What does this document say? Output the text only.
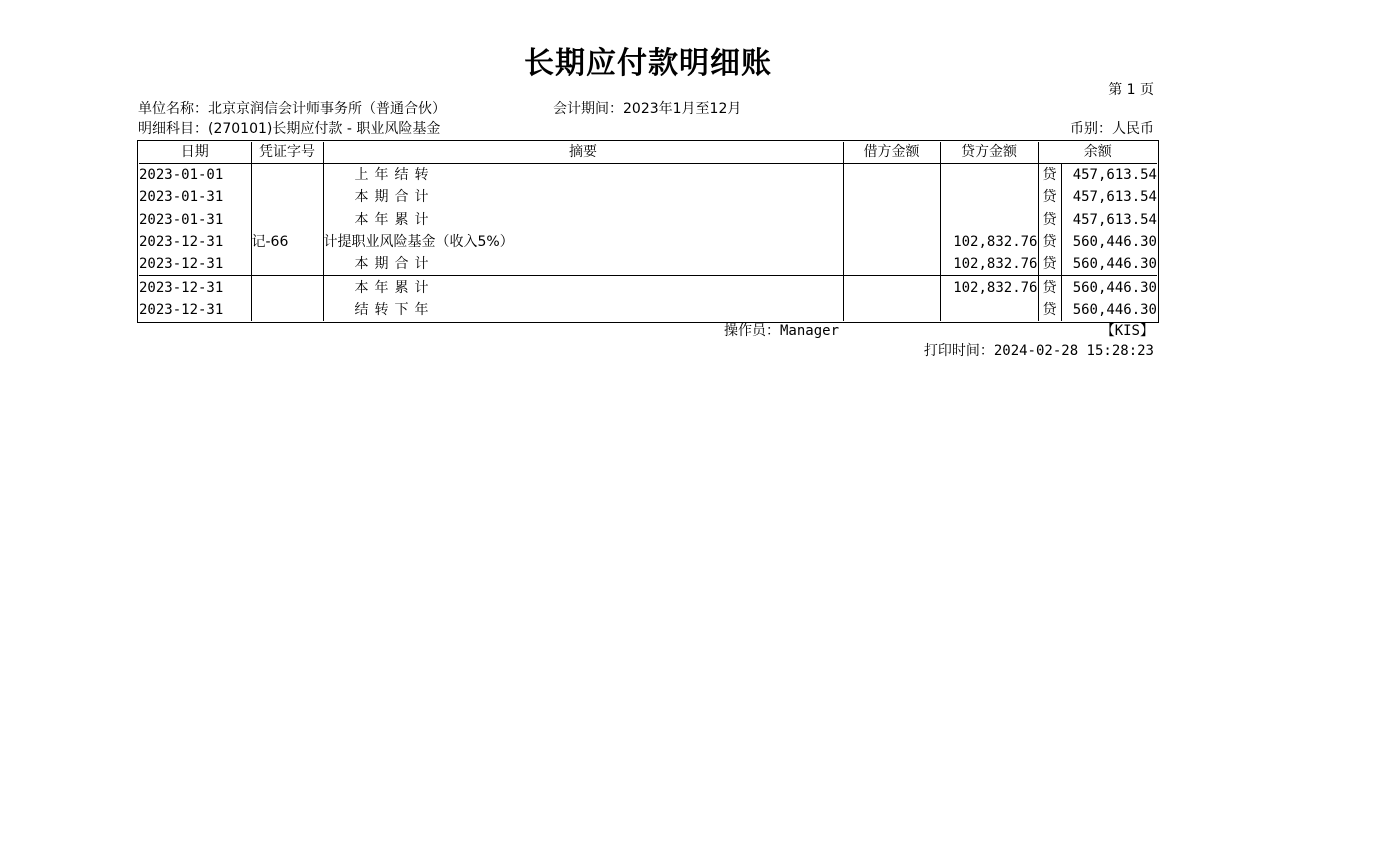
长期应付款明细账
第 1 页
单位名称：北京京润信会计师事务所（普通合伙）	会计期间：2023年1月至12月
明细科目：(270101)长期应付款 - 职业风险基金	币别：人民币
日期	凭证字号	摘要	借方金额	贷方金额	余额	
2023-01-01		上年结转			贷	457,613.54
2023-01-31		本期合计			贷	457,613.54
2023-01-31		本年累计			贷	457,613.54
2023-12-31	记-66	计提职业风险基金（收入5%）		102,832.76	贷	560,446.30
2023-12-31		本期合计		102,832.76	贷	560,446.30
2023-12-31		本年累计		102,832.76	贷	560,446.30
2023-12-31		结转下年			贷	560,446.30
操作员：Manager	【KIS】
打印时间：2024-02-28 15:28:23
